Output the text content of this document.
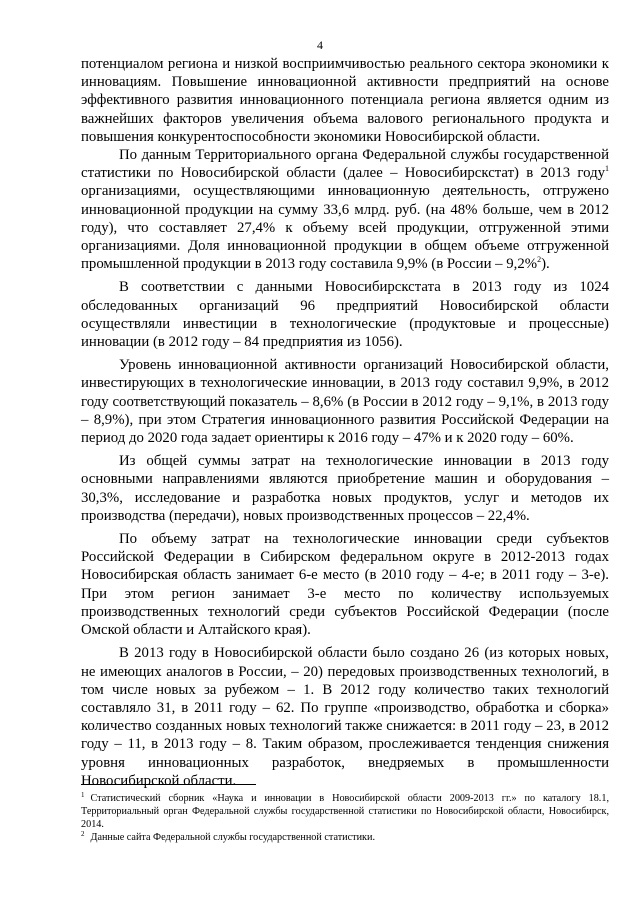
4

потенциалом региона и низкой восприимчивостью реального сектора экономики к инновациям. Повышение инновационной активности предприятий на основе эффективного развития инновационного потенциала региона является одним из важнейших факторов увеличения объема валового регионального продукта и повышения конкурентоспособности экономики Новосибирской области.

По данным Территориального органа Федеральной службы государственной статистики по Новосибирской области (далее – Новосибирскстат) в 2013 году$^1$ организациями, осуществляющими инновационную деятельность, отгружено инновационной продукции на сумму 33,6 млрд. руб. (на 48% больше, чем в 2012 году), что составляет 27,4% к объему всей продукции, отгруженной этими организациями. Доля инновационной продукции в общем объеме отгруженной промышленной продукции в 2013 году составила 9,9% (в России – 9,2%$^2$).

В соответствии с данными Новосибирскстата в 2013 году из 1024 обследованных организаций 96 предприятий Новосибирской области осуществляли инвестиции в технологические (продуктовые и процессные) инновации (в 2012 году – 84 предприятия из 1056).

Уровень инновационной активности организаций Новосибирской области, инвестирующих в технологические инновации, в 2013 году составил 9,9%, в 2012 году соответствующий показатель – 8,6% (в России в 2012 году – 9,1%, в 2013 году – 8,9%), при этом Стратегия инновационного развития Российской Федерации на период до 2020 года задает ориентиры к 2016 году – 47% и к 2020 году – 60%.

Из общей суммы затрат на технологические инновации в 2013 году основными направлениями являются приобретение машин и оборудования – 30,3%, исследование и разработка новых продуктов, услуг и методов их производства (передачи), новых производственных процессов – 22,4%.

По объему затрат на технологические инновации среди субъектов Российской Федерации в Сибирском федеральном округе в 2012-2013 годах Новосибирская область занимает 6-е место (в 2010 году – 4-е; в 2011 году – 3-е). При этом регион занимает 3-е место по количеству используемых производственных технологий среди субъектов Российской Федерации (после Омской области и Алтайского края).

В 2013 году в Новосибирской области было создано 26 (из которых новых, не имеющих аналогов в России, – 20) передовых производственных технологий, в том числе новых за рубежом – 1. В 2012 году количество таких технологий составляло 31, в 2011 году – 62. По группе «производство, обработка и сборка» количество созданных новых технологий также снижается: в 2011 году – 23, в 2012 году – 11, в 2013 году – 8. Таким образом, прослеживается тенденция снижения уровня инновационных разработок, внедряемых в промышленности Новосибирской области.

$^1$ Статистический сборник «Наука и инновации в Новосибирской области 2009-2013 гг.» по каталогу 18.1, Территориальный орган Федеральной службы государственной статистики по Новосибирской области, Новосибирск, 2014.

$^2$ Данные сайта Федеральной службы государственной статистики.
